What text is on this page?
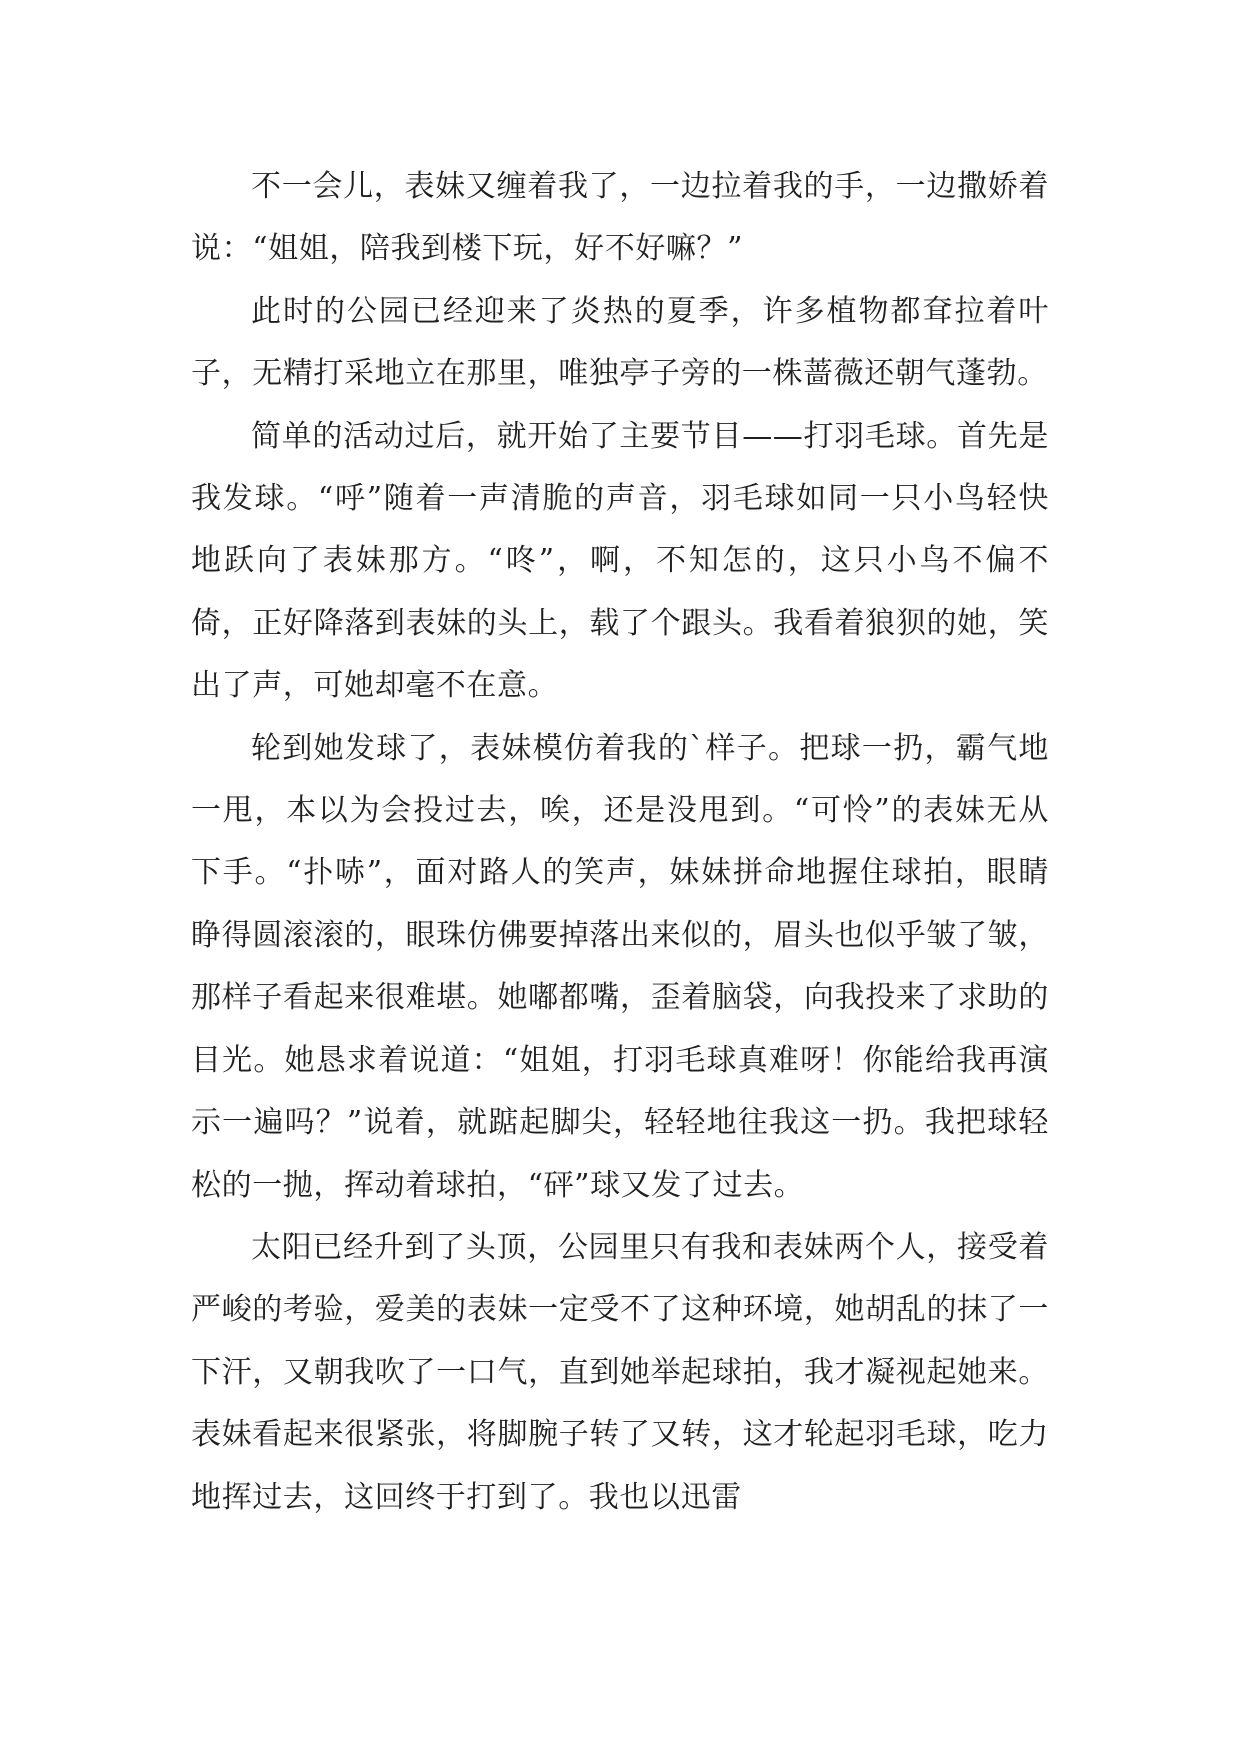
不一会儿，表妹又缠着我了，一边拉着我的手，一边撒娇着说：“姐姐，陪我到楼下玩，好不好嘛？”

此时的公园已经迎来了炎热的夏季，许多植物都耷拉着叶子，无精打采地立在那里，唯独亭子旁的一株蔷薇还朝气蓬勃。

简单的活动过后，就开始了主要节目——打羽毛球。首先是我发球。“呼”随着一声清脆的声音，羽毛球如同一只小鸟轻快地跃向了表妹那方。“咚”，啊，不知怎的，这只小鸟不偏不倚，正好降落到表妹的头上，载了个跟头。我看着狼狈的她，笑出了声，可她却毫不在意。

轮到她发球了，表妹模仿着我的`样子。把球一扔，霸气地一甩，本以为会投过去，唉，还是没甩到。“可怜”的表妹无从下手。“扑哧”，面对路人的笑声，妹妹拼命地握住球拍，眼睛睁得圆滚滚的，眼珠仿佛要掉落出来似的，眉头也似乎皱了皱，那样子看起来很难堪。她嘟都嘴，歪着脑袋，向我投来了求助的目光。她恳求着说道：“姐姐，打羽毛球真难呀！你能给我再演示一遍吗？”说着，就踮起脚尖，轻轻地往我这一扔。我把球轻松的一抛，挥动着球拍，“砰”球又发了过去。

太阳已经升到了头顶，公园里只有我和表妹两个人，接受着严峻的考验，爱美的表妹一定受不了这种环境，她胡乱的抹了一下汗，又朝我吹了一口气，直到她举起球拍，我才凝视起她来。表妹看起来很紧张，将脚腕子转了又转，这才轮起羽毛球，吃力地挥过去，这回终于打到了。我也以迅雷
